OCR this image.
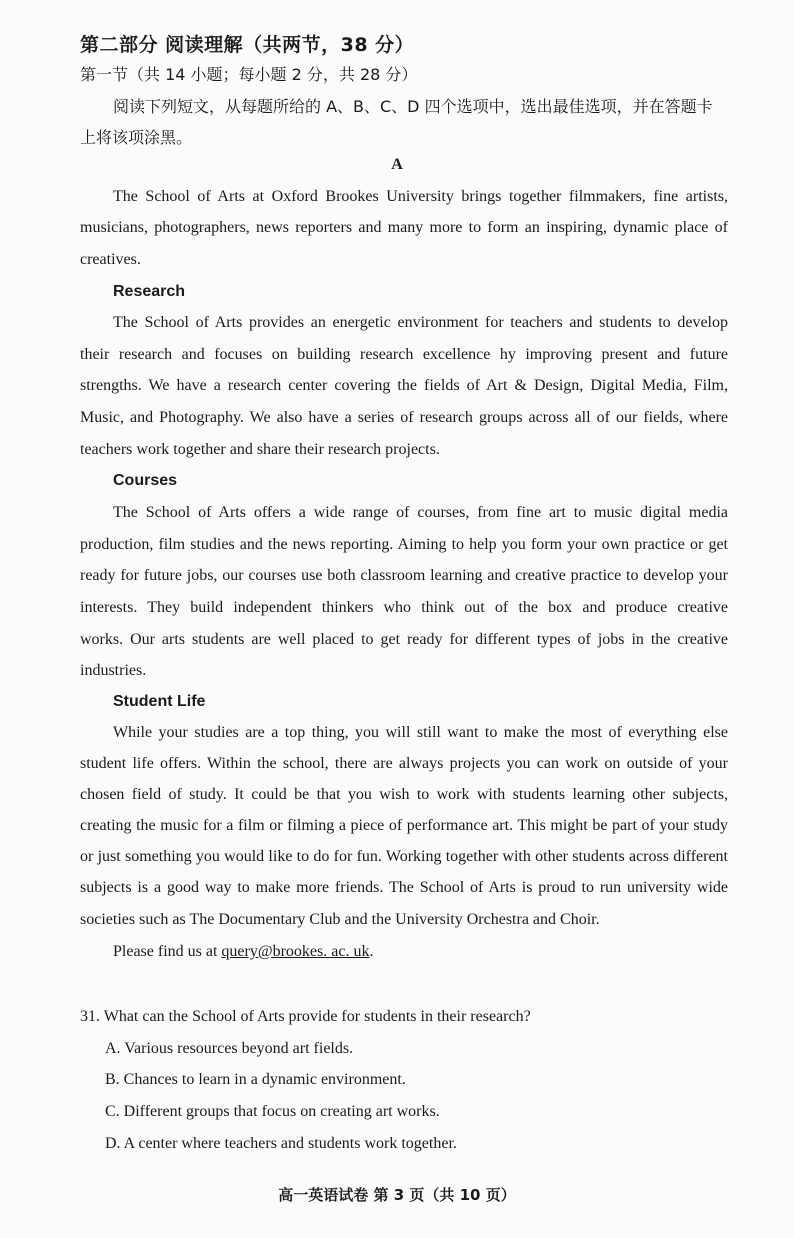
第二部分 阅读理解（共两节，38 分）
第一节（共 14 小题；每小题 2 分，共 28 分）
阅读下列短文，从每题所给的 A、B、C、D 四个选项中，选出最佳选项，并在答题卡
上将该项涂黑。
A
The School of Arts at Oxford Brookes University brings together filmmakers, fine artists,
musicians, photographers, news reporters and many more to form an inspiring, dynamic place of
creatives.
Research
The School of Arts provides an energetic environment for teachers and students to develop
their research and focuses on building research excellence hy improving present and future
strengths. We have a research center covering the fields of Art & Design, Digital Media, Film,
Music, and Photography. We also have a series of research groups across all of our fields, where
teachers work together and share their research projects.
Courses
The School of Arts offers a wide range of courses, from fine art to music digital media
production, film studies and the news reporting. Aiming to help you form your own practice or get
ready for future jobs, our courses use both classroom learning and creative practice to develop your
interests. They build independent thinkers who think out of the box and produce creative
works. Our arts students are well placed to get ready for different types of jobs in the creative
industries.
Student Life
While your studies are a top thing, you will still want to make the most of everything else
student life offers. Within the school, there are always projects you can work on outside of your
chosen field of study. It could be that you wish to work with students learning other subjects,
creating the music for a film or filming a piece of performance art. This might be part of your study
or just something you would like to do for fun. Working together with other students across different
subjects is a good way to make more friends. The School of Arts is proud to run university wide
societies such as The Documentary Club and the University Orchestra and Choir.
Please find us at query@brookes. ac. uk.
31. What can the School of Arts provide for students in their research?
A. Various resources beyond art fields.
B. Chances to learn in a dynamic environment.
C. Different groups that focus on creating art works.
D. A center where teachers and students work together.
高一英语试卷 第 3 页（共 10 页）
